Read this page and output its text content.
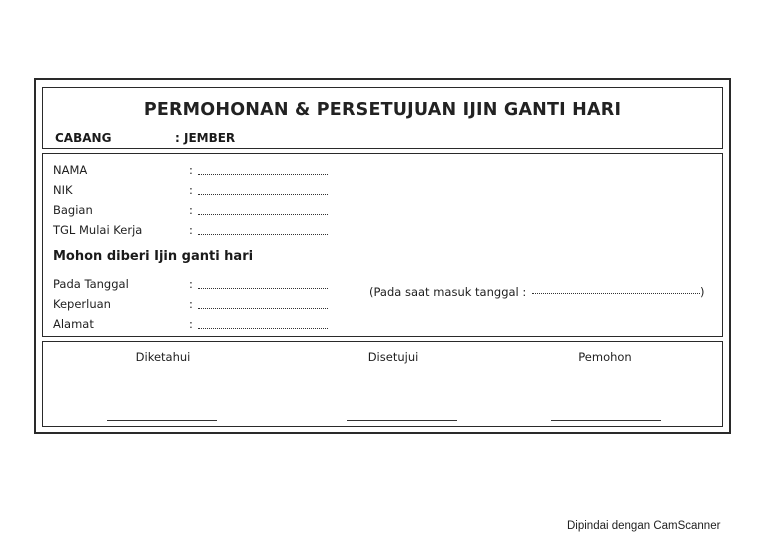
PERMOHONAN & PERSETUJUAN IJIN GANTI HARI
CABANG	: JEMBER
NAMA	:
NIK	:
Bagian	:
TGL Mulai Kerja	:
Mohon diberi Ijin ganti hari
Pada Tanggal	:
Keperluan	:
Alamat	:
(Pada saat masuk tanggal :	)
Diketahui	Disetujui	Pemohon
Dipindai dengan CamScanner
